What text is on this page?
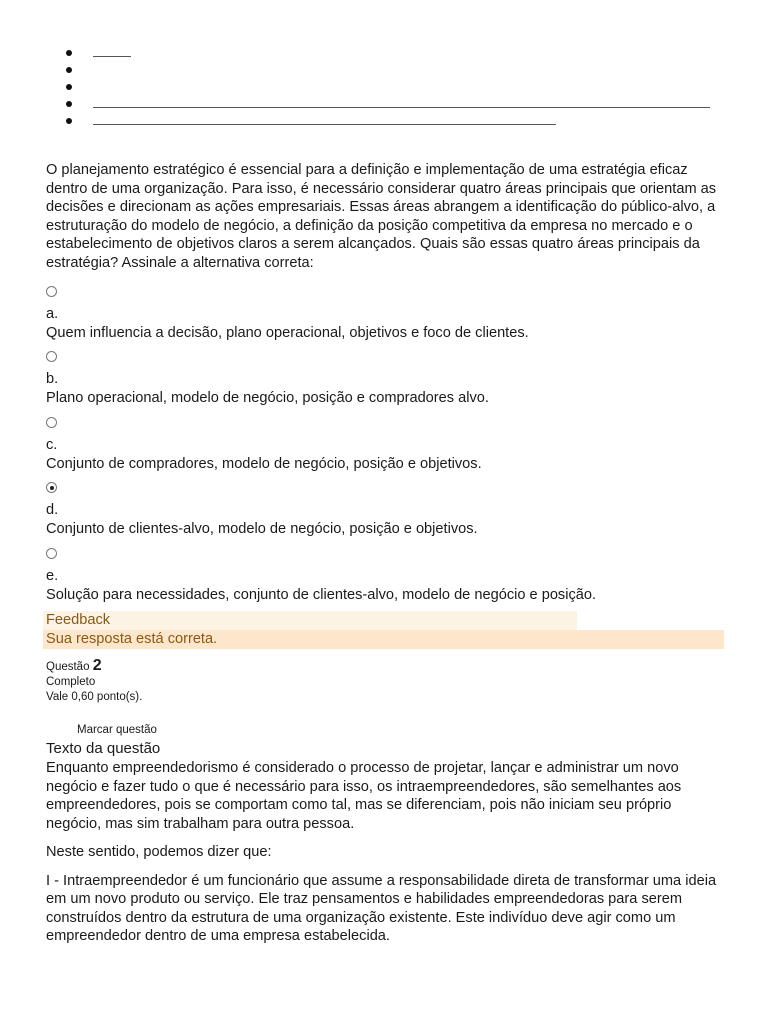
O planejamento estratégico é essencial para a definição e implementação de uma estratégia eficaz dentro de uma organização. Para isso, é necessário considerar quatro áreas principais que orientam as decisões e direcionam as ações empresariais. Essas áreas abrangem a identificação do público-alvo, a estruturação do modelo de negócio, a definição da posição competitiva da empresa no mercado e o estabelecimento de objetivos claros a serem alcançados. Quais são essas quatro áreas principais da estratégia? Assinale a alternativa correta:

a.
Quem influencia a decisão, plano operacional, objetivos e foco de clientes.
b.
Plano operacional, modelo de negócio, posição e compradores alvo.
c.
Conjunto de compradores, modelo de negócio, posição e objetivos.
d.
Conjunto de clientes-alvo, modelo de negócio, posição e objetivos.
e.
Solução para necessidades, conjunto de clientes-alvo, modelo de negócio e posição.
Feedback
Sua resposta está correta.
Questão 2
Completo
Vale 0,60 ponto(s).
Marcar questão
Texto da questão

Enquanto empreendedorismo é considerado o processo de projetar, lançar e administrar um novo negócio e fazer tudo o que é necessário para isso, os intraempreendedores, são semelhantes aos empreendedores, pois se comportam como tal, mas se diferenciam, pois não iniciam seu próprio negócio, mas sim trabalham para outra pessoa.

Neste sentido, podemos dizer que:

I - Intraempreendedor é um funcionário que assume a responsabilidade direta de transformar uma ideia em um novo produto ou serviço. Ele traz pensamentos e habilidades empreendedoras para serem construídos dentro da estrutura de uma organização existente. Este indivíduo deve agir como um empreendedor dentro de uma empresa estabelecida.
